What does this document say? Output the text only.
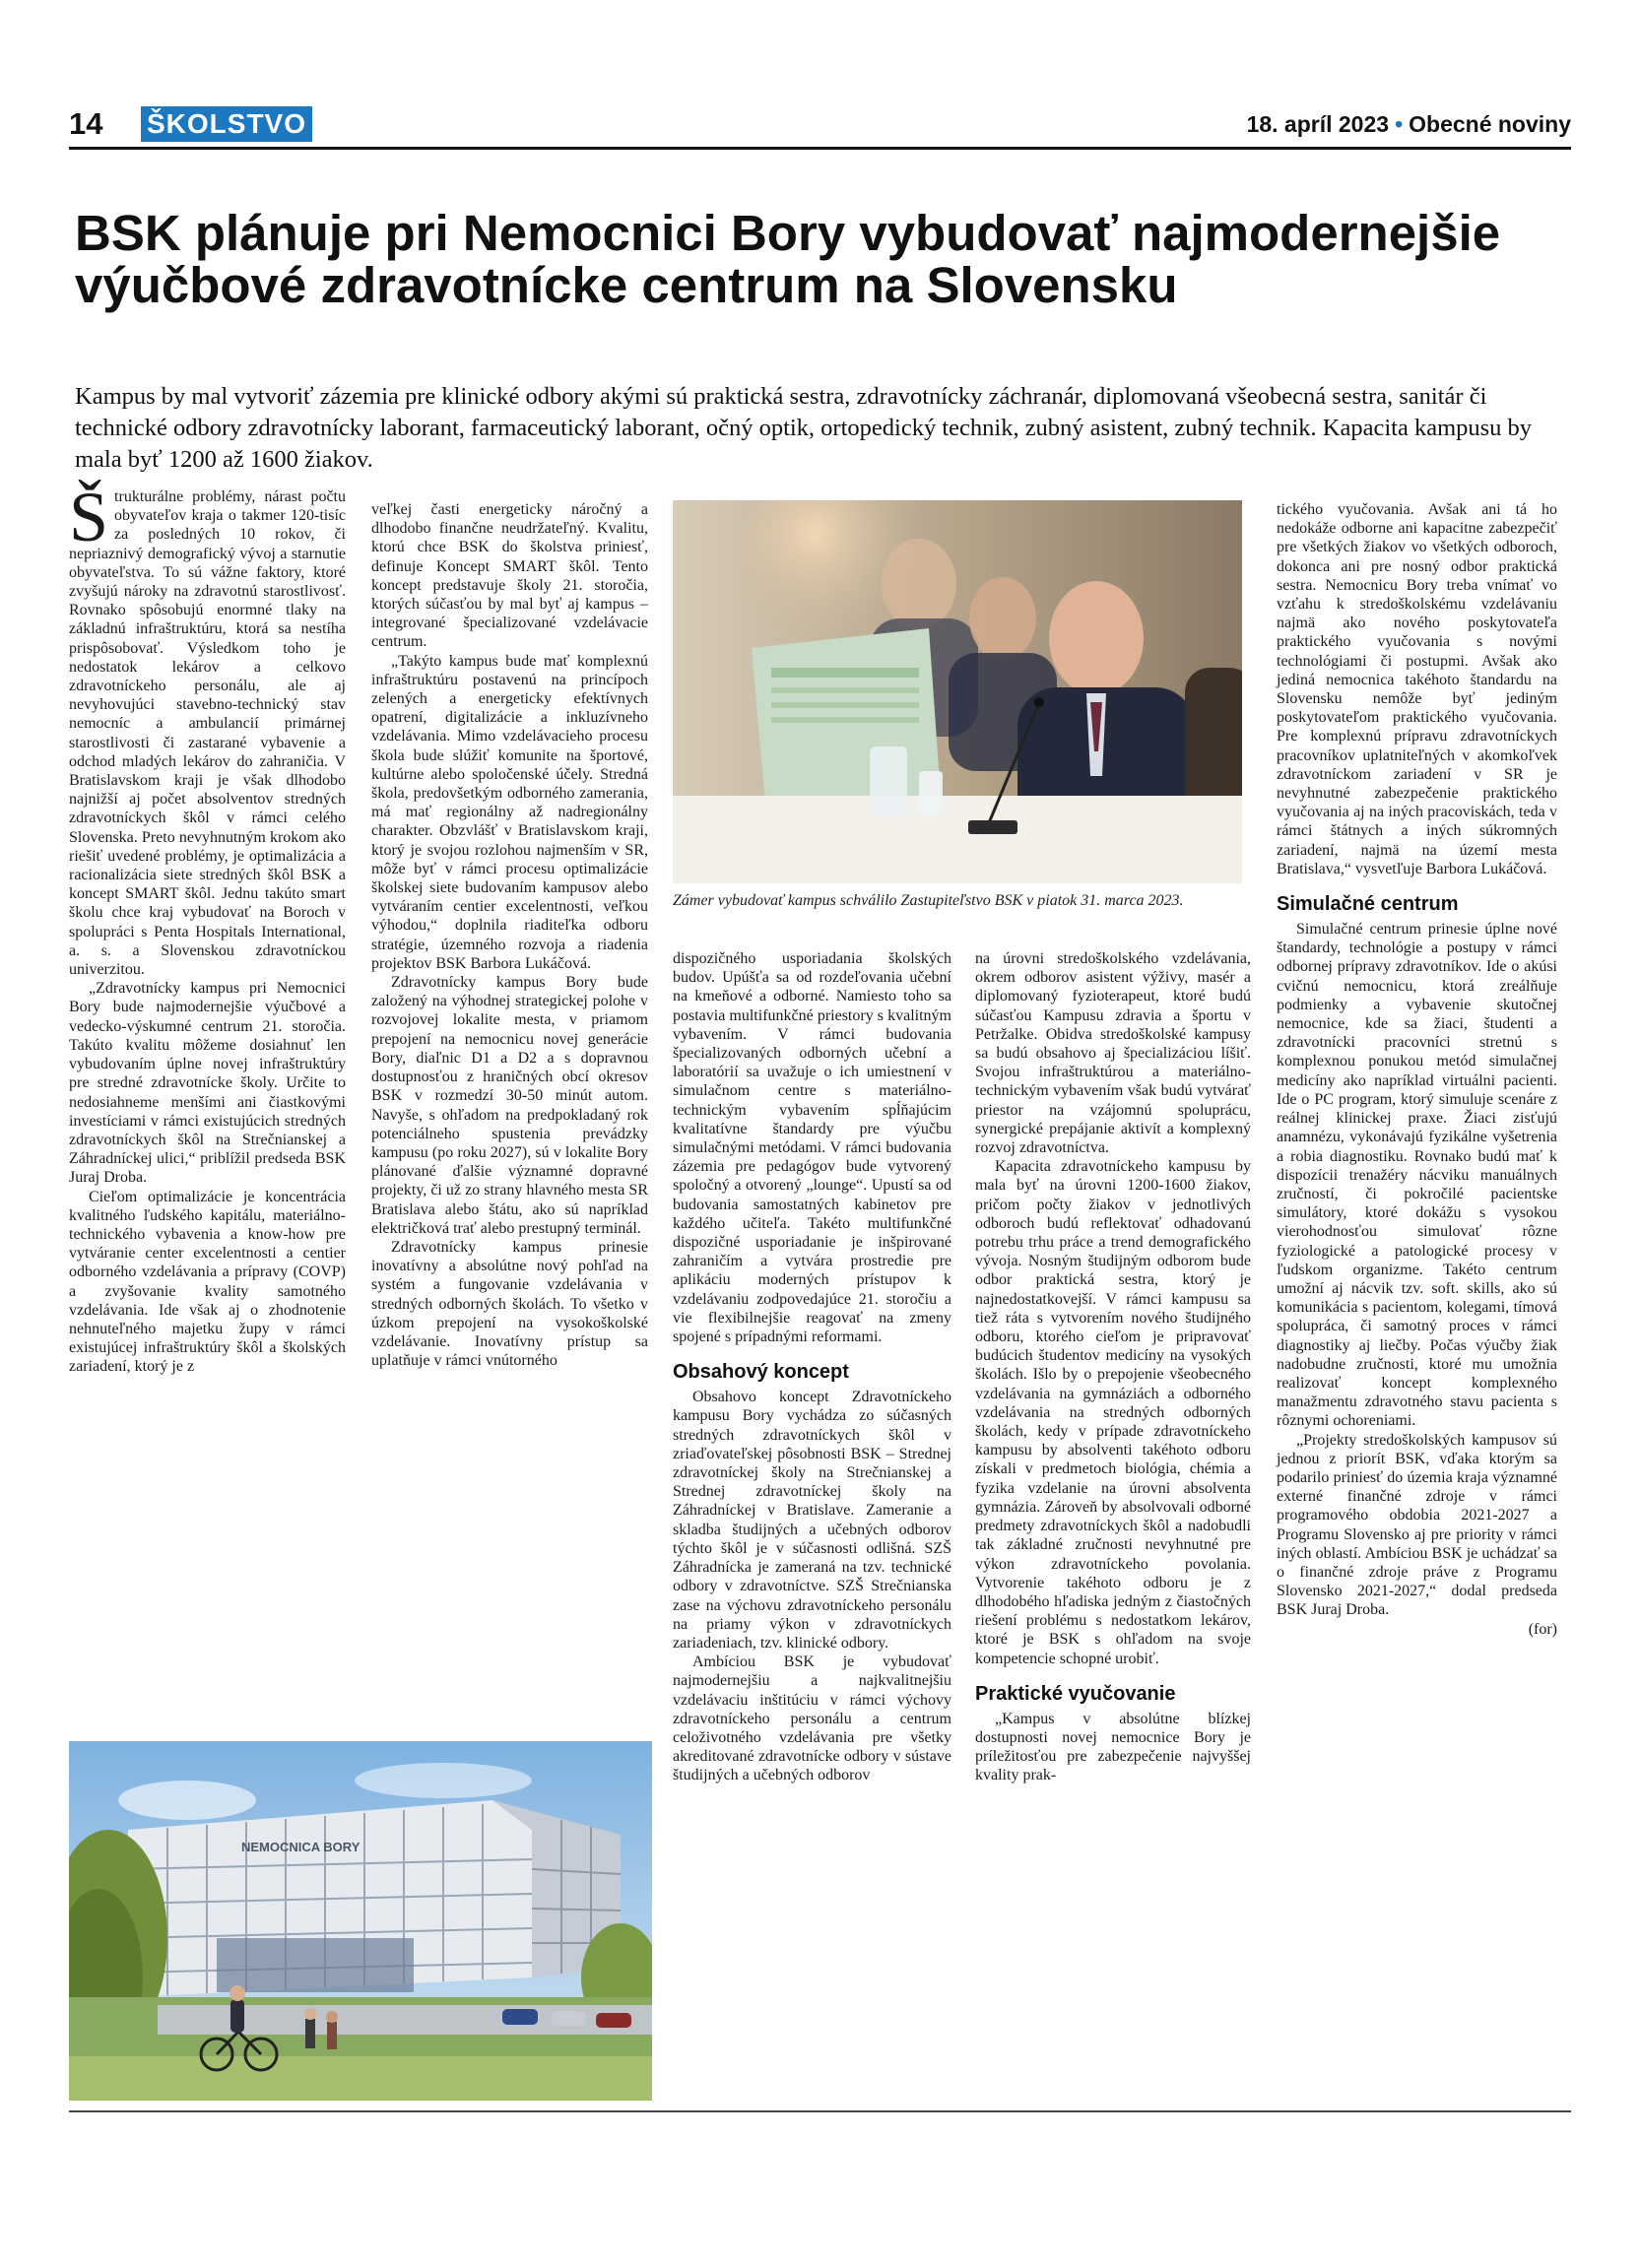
14 ŠKOLSTVO	18. apríl 2023 • Obecné noviny
BSK plánuje pri Nemocnici Bory vybudovať najmodernejšie výučbové zdravotnícke centrum na Slovensku

Kampus by mal vytvoriť zázemia pre klinické odbory akými sú praktická sestra, zdravotnícky záchranár, diplomovaná všeobecná sestra, sanitár či technické odbory zdravotnícky laborant, farmaceutický laborant, očný optik, ortopedický technik, zubný asistent, zubný technik. Kapacita kampusu by mala byť 1200 až 1600 žiakov.

Štrukturálne problémy, nárast počtu obyvateľov kraja o takmer 120-tisíc za posledných 10 rokov, či nepriaznivý demografický vývoj a starnutie obyvateľstva. To sú vážne faktory, ktoré zvyšujú nároky na zdravotnú starostlivosť. Rovnako spôsobujú enormné tlaky na základnú infraštruktúru, ktorá sa nestíha prispôsobovať. Výsledkom toho je nedostatok lekárov a celkovo zdravotníckeho personálu, ale aj nevyhovujúci stavebno-technický stav nemocníc a ambulancií primárnej starostlivosti či zastarané vybavenie a odchod mladých lekárov do zahraničia. V Bratislavskom kraji je však dlhodobo najnižší aj počet absolventov stredných zdravotníckych škôl v rámci celého Slovenska. Preto nevyhnutným krokom ako riešiť uvedené problémy, je optimalizácia a racionalizácia siete stredných škôl BSK a koncept SMART škôl. Jednu takúto smart školu chce kraj vybudovať na Boroch v spolupráci s Penta Hospitals International, a. s. a Slovenskou zdravotníckou univerzitou.

„Zdravotnícky kampus pri Nemocnici Bory bude najmodernejšie výučbové a vedecko-výskumné centrum 21. storočia. Takúto kvalitu môžeme dosiahnuť len vybudovaním úplne novej infraštruktúry pre stredné zdravotnícke školy. Určite to nedosiahneme menšími ani čiastkovými investíciami v rámci existujúcich stredných zdravotníckych škôl na Strečnianskej a Záhradníckej ulici,“ priblížil predseda BSK Juraj Droba.

Cieľom optimalizácie je koncentrácia kvalitného ľudského kapitálu, materiálno-technického vybavenia a know-how pre vytváranie center excelentnosti a centier odborného vzdelávania a prípravy (COVP) a zvyšovanie kvality samotného vzdelávania. Ide však aj o zhodnotenie nehnuteľného majetku župy v rámci existujúcej infraštruktúry škôl a školských zariadení, ktorý je z

veľkej časti energeticky náročný a dlhodobo finančne neudržateľný. Kvalitu, ktorú chce BSK do školstva priniesť, definuje Koncept SMART škôl. Tento koncept predstavuje školy 21. storočia, ktorých súčasťou by mal byť aj kampus – integrované špecializované vzdelávacie centrum.

„Takýto kampus bude mať komplexnú infraštruktúru postavenú na princípoch zelených a energeticky efektívnych opatrení, digitalizácie a inkluzívneho vzdelávania. Mimo vzdelávacieho procesu škola bude slúžiť komunite na športové, kultúrne alebo spoločenské účely. Stredná škola, predovšetkým odborného zamerania, má mať regionálny až nadregionálny charakter. Obzvlášť v Bratislavskom kraji, ktorý je svojou rozlohou najmenším v SR, môže byť v rámci procesu optimalizácie školskej siete budovaním kampusov alebo vytváraním centier excelentnosti, veľkou výhodou,“ doplnila riaditeľka odboru stratégie, územného rozvoja a riadenia projektov BSK Barbora Lukáčová.

Zdravotnícky kampus Bory bude založený na výhodnej strategickej polohe v rozvojovej lokalite mesta, v priamom prepojení na nemocnicu novej generácie Bory, diaľnic D1 a D2 a s dopravnou dostupnosťou z hraničných obcí okresov BSK v rozmedzí 30-50 minút autom. Navyše, s ohľadom na predpokladaný rok potenciálneho spustenia prevádzky kampusu (po roku 2027), sú v lokalite Bory plánované ďalšie významné dopravné projekty, či už zo strany hlavného mesta SR Bratislava alebo štátu, ako sú napríklad električková trať alebo prestupný terminál.

Zdravotnícky kampus prinesie inovatívny a absolútne nový pohľad na systém a fungovanie vzdelávania v stredných odborných školách. To všetko v úzkom prepojení na vysokoškolské vzdelávanie. Inovatívny prístup sa uplatňuje v rámci vnútorného

Zámer vybudovať kampus schválilo Zastupiteľstvo BSK v piatok 31. marca 2023.

dispozičného usporiadania školských budov. Upúšťa sa od rozdeľovania učební na kmeňové a odborné. Namiesto toho sa postavia multifunkčné priestory s kvalitným vybavením. V rámci budovania špecializovaných odborných učební a laboratórií sa uvažuje o ich umiestnení v simulačnom centre s materiálno-technickým vybavením spĺňajúcim kvalitatívne štandardy pre výučbu simulačnými metódami. V rámci budovania zázemia pre pedagógov bude vytvorený spoločný a otvorený „lounge“. Upustí sa od budovania samostatných kabinetov pre každého učiteľa. Takéto multifunkčné dispozičné usporiadanie je inšpirované zahraničím a vytvára prostredie pre aplikáciu moderných prístupov k vzdelávaniu zodpovedajúce 21. storočiu a vie flexibilnejšie reagovať na zmeny spojené s prípadnými reformami.

Obsahový koncept

Obsahovo koncept Zdravotníckeho kampusu Bory vychádza zo súčasných stredných zdravotníckych škôl v zriaďovateľskej pôsobnosti BSK – Strednej zdravotníckej školy na Strečnianskej a Strednej zdravotníckej školy na Záhradníckej v Bratislave. Zameranie a skladba študijných a učebných odborov týchto škôl je v súčasnosti odlišná. SZŠ Záhradnícka je zameraná na tzv. technické odbory v zdravotníctve. SZŠ Strečnianska zase na výchovu zdravotníckeho personálu na priamy výkon v zdravotníckych zariadeniach, tzv. klinické odbory.

Ambíciou BSK je vybudovať najmodernejšiu a najkvalitnejšiu vzdelávaciu inštitúciu v rámci výchovy zdravotníckeho personálu a centrum celoživotného vzdelávania pre všetky akreditované zdravotnícke odbory v sústave študijných a učebných odborov

na úrovni stredoškolského vzdelávania, okrem odborov asistent výživy, masér a diplomovaný fyzioterapeut, ktoré budú súčasťou Kampusu zdravia a športu v Petržalke. Obidva stredoškolské kampusy sa budú obsahovo aj špecializáciou líšiť. Svojou infraštruktúrou a materiálno-technickým vybavením však budú vytvárať priestor na vzájomnú spoluprácu, synergické prepájanie aktivít a komplexný rozvoj zdravotníctva.

Kapacita zdravotníckeho kampusu by mala byť na úrovni 1200-1600 žiakov, pričom počty žiakov v jednotlivých odboroch budú reflektovať odhadovanú potrebu trhu práce a trend demografického vývoja. Nosným študijným odborom bude odbor praktická sestra, ktorý je najnedostatkovejší. V rámci kampusu sa tiež ráta s vytvorením nového študijného odboru, ktorého cieľom je pripravovať budúcich študentov medicíny na vysokých školách. Išlo by o prepojenie všeobecného vzdelávania na gymnáziách a odborného vzdelávania na stredných odborných školách, kedy v prípade zdravotníckeho kampusu by absolventi takéhoto odboru získali v predmetoch biológia, chémia a fyzika vzdelanie na úrovni absolventa gymnázia. Zároveň by absolvovali odborné predmety zdravotníckych škôl a nadobudli tak základné zručnosti nevyhnutné pre výkon zdravotníckeho povolania. Vytvorenie takéhoto odboru je z dlhodobého hľadiska jedným z čiastočných riešení problému s nedostatkom lekárov, ktoré je BSK s ohľadom na svoje kompetencie schopné urobiť.

Praktické vyučovanie

„Kampus v absolútne blízkej dostupnosti novej nemocnice Bory je príležitosťou pre zabezpečenie najvyššej kvality prak-

tického vyučovania. Avšak ani tá ho nedokáže odborne ani kapacitne zabezpečiť pre všetkých žiakov vo všetkých odboroch, dokonca ani pre nosný odbor praktická sestra. Nemocnicu Bory treba vnímať vo vzťahu k stredoškolskému vzdelávaniu najmä ako nového poskytovateľa praktického vyučovania s novými technológiami či postupmi. Avšak ako jediná nemocnica takéhoto štandardu na Slovensku nemôže byť jediným poskytovateľom praktického vyučovania. Pre komplexnú prípravu zdravotníckych pracovníkov uplatniteľných v akomkoľvek zdravotníckom zariadení v SR je nevyhnutné zabezpečenie praktického vyučovania aj na iných pracoviskách, teda v rámci štátnych a iných súkromných zariadení, najmä na území mesta Bratislava,“ vysvetľuje Barbora Lukáčová.

Simulačné centrum

Simulačné centrum prinesie úplne nové štandardy, technológie a postupy v rámci odbornej prípravy zdravotníkov. Ide o akúsi cvičnú nemocnicu, ktorá zreálňuje podmienky a vybavenie skutočnej nemocnice, kde sa žiaci, študenti a zdravotnícki pracovníci stretnú s komplexnou ponukou metód simulačnej medicíny ako napríklad virtuálni pacienti. Ide o PC program, ktorý simuluje scenáre z reálnej klinickej praxe. Žiaci zisťujú anamnézu, vykonávajú fyzikálne vyšetrenia a robia diagnostiku. Rovnako budú mať k dispozícii trenažéry nácviku manuálnych zručností, či pokročilé pacientske simulátory, ktoré dokážu s vysokou vierohodnosťou simulovať rôzne fyziologické a patologické procesy v ľudskom organizme. Takéto centrum umožní aj nácvik tzv. soft. skills, ako sú komunikácia s pacientom, kolegami, tímová spolupráca, či samotný proces v rámci diagnostiky aj liečby. Počas výučby žiak nadobudne zručnosti, ktoré mu umožnia realizovať koncept komplexného manažmentu zdravotného stavu pacienta s rôznymi ochoreniami.

„Projekty stredoškolských kampusov sú jednou z priorít BSK, vďaka ktorým sa podarilo priniesť do územia kraja významné externé finančné zdroje v rámci programového obdobia 2021-2027 a Programu Slovensko aj pre priority v rámci iných oblastí. Ambíciou BSK je uchádzať sa o finančné zdroje práve z Programu Slovensko 2021-2027,“ dodal predseda BSK Juraj Droba.

(for)

NEMOCNICA BORY
